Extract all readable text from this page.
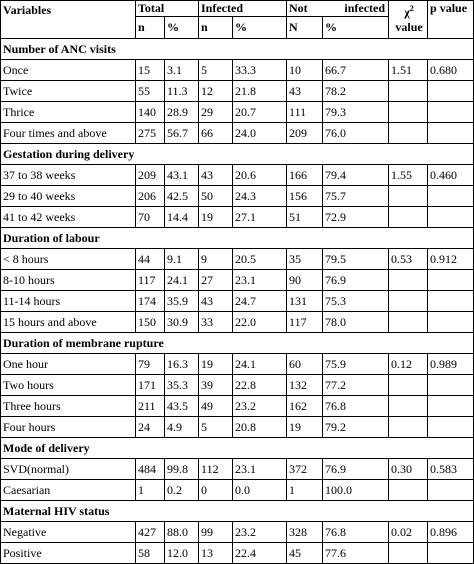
Variables	Total		Infected		Not infected		$\chi^2$
value	p value
	n	%	n	%	N	%		
Number of ANC visits								
Once	15	3.1	5	33.3	10	66.7	1.51	0.680
Twice	55	11.3	12	21.8	43	78.2		
Thrice	140	28.9	29	20.7	111	79.3		
Four times and above	275	56.7	66	24.0	209	76.0		
Gestation during delivery								
37 to 38 weeks	209	43.1	43	20.6	166	79.4	1.55	0.460
29 to 40 weeks	206	42.5	50	24.3	156	75.7		
41 to 42 weeks	70	14.4	19	27.1	51	72.9		
Duration of labour								
< 8 hours	44	9.1	9	20.5	35	79.5	0.53	0.912
8-10 hours	117	24.1	27	23.1	90	76.9		
11-14 hours	174	35.9	43	24.7	131	75.3		
15 hours and above	150	30.9	33	22.0	117	78.0		
Duration of membrane rupture								
One hour	79	16.3	19	24.1	60	75.9	0.12	0.989
Two hours	171	35.3	39	22.8	132	77.2		
Three hours	211	43.5	49	23.2	162	76.8		
Four hours	24	4.9	5	20.8	19	79.2		
Mode of delivery								
SVD(normal)	484	99.8	112	23.1	372	76.9	0.30	0.583
Caesarian	1	0.2	0	0.0	1	100.0		
Maternal HIV status								
Negative	427	88.0	99	23.2	328	76.8	0.02	0.896
Positive	58	12.0	13	22.4	45	77.6		
